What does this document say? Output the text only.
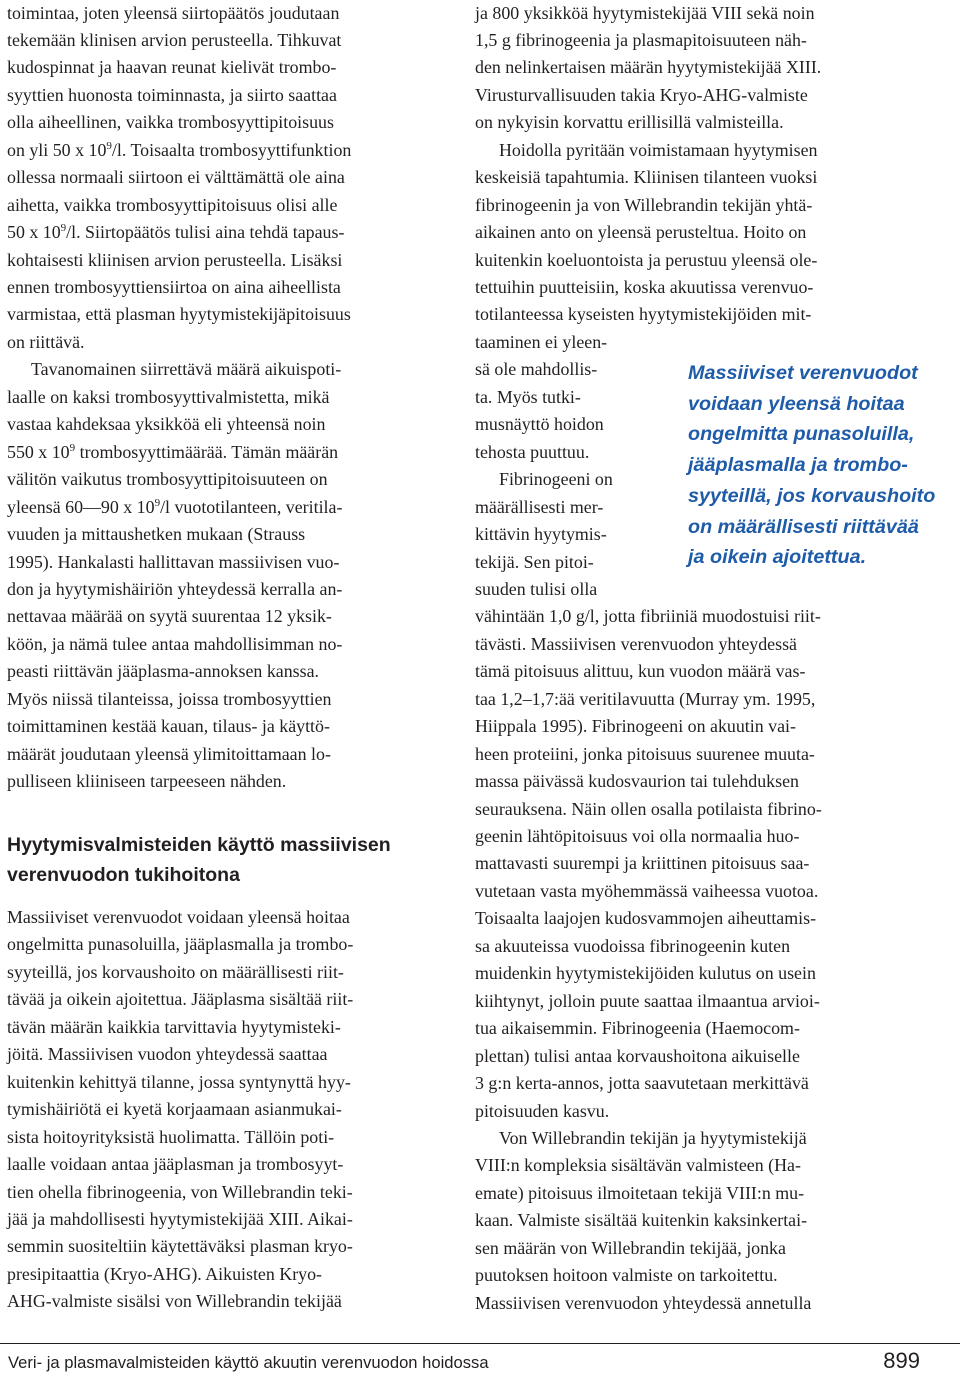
toimintaa, joten yleensä siirtopäätös joudutaan
tekemään klinisen arvion perusteella. Tihkuvat
kudospinnat ja haavan reunat kielivät trombo-
syyttien huonosta toiminnasta, ja siirto saattaa
olla aiheellinen, vaikka trombosyyttipitoisuus
on yli 50 x $10^9/l$. Toisaalta trombosyyttifunktion
ollessa normaali siirtoon ei välttämättä ole aina
aihetta, vaikka trombosyyttipitoisuus olisi alle
50 x $10^9/l$. Siirtopäätös tulisi aina tehdä tapaus-
kohtaisesti kliinisen arvion perusteella. Lisäksi
ennen trombosyyttiensiirtoa on aina aiheellista
varmistaa, että plasman hyytymistekijäpitoisuus
on riittävä.
Tavanomainen siirrettävä määrä aikuispoti-
laalle on kaksi trombosyyttivalmistetta, mikä
vastaa kahdeksaa yksikköä eli yhteensä noin
550 x $10^9$ trombosyyttimäärää. Tämän määrän
välitön vaikutus trombosyyttipitoisuuteen on
yleensä 60—90 x $10^9/l$ vuototilanteen, veritila-
vuuden ja mittaushetken mukaan (Strauss
1995). Hankalasti hallittavan massiivisen vuo-
don ja hyytymishäiriön yhteydessä kerralla an-
nettavaa määrää on syytä suurentaa 12 yksik-
köön, ja nämä tulee antaa mahdollisimman no-
peasti riittävän jääplasma-annoksen kanssa.
Myös niissä tilanteissa, joissa trombosyyttien
toimittaminen kestää kauan, tilaus- ja käyttö-
määrät joudutaan yleensä ylimitoittamaan lo-
pulliseen kliiniseen tarpeeseen nähden.
Hyytymisvalmisteiden käyttö massiivisen
verenvuodon tukihoitona
Massiiviset verenvuodot voidaan yleensä hoitaa
ongelmitta punasoluilla, jääplasmalla ja trombo-
syyteillä, jos korvaushoito on määrällisesti riit-
tävää ja oikein ajoitettua. Jääplasma sisältää riit-
tävän määrän kaikkia tarvittavia hyytymisteki-
jöitä. Massiivisen vuodon yhteydessä saattaa
kuitenkin kehittyä tilanne, jossa syntynyttä hyy-
tymishäiriötä ei kyetä korjaamaan asianmukai-
sista hoitoyrityksistä huolimatta. Tällöin poti-
laalle voidaan antaa jääplasman ja trombosyyt-
tien ohella fibrinogeenia, von Willebrandin teki-
jää ja mahdollisesti hyytymistekijää XIII. Aikai-
semmin suositeltiin käytettäväksi plasman kryo-
presipitaattia (Kryo-AHG). Aikuisten Kryo-
AHG-valmiste sisälsi von Willebrandin tekijää
ja 800 yksikköä hyytymistekijää VIII sekä noin
1,5 g fibrinogeenia ja plasmapitoisuuteen näh-
den nelinkertaisen määrän hyytymistekijää XIII.
Virusturvallisuuden takia Kryo-AHG-valmiste
on nykyisin korvattu erillisillä valmisteilla.
Hoidolla pyritään voimistamaan hyytymisen
keskeisiä tapahtumia. Kliinisen tilanteen vuoksi
fibrinogeenin ja von Willebrandin tekijän yhtä-
aikainen anto on yleensä perusteltua. Hoito on
kuitenkin koeluontoista ja perustuu yleensä ole-
tettuihin puutteisiin, koska akuutissa verenvuo-
totilanteessa kyseisten hyytymistekijöiden mit-
taaminen ei yleen-
sä ole mahdollis-
ta. Myös tutki-
musnäyttö hoidon
tehosta puuttuu.
Fibrinogeeni on
määrällisesti mer-
kittävin hyytymis-
tekijä. Sen pitoi-
suuden tulisi olla
vähintään 1,0 g/l, jotta fibriiniä muodostuisi riit-
tävästi. Massiivisen verenvuodon yhteydessä
tämä pitoisuus alittuu, kun vuodon määrä vas-
taa 1,2–1,7:ää veritilavuutta (Murray ym. 1995,
Hiippala 1995). Fibrinogeeni on akuutin vai-
heen proteiini, jonka pitoisuus suurenee muuta-
massa päivässä kudosvaurion tai tulehduksen
seurauksena. Näin ollen osalla potilaista fibrino-
geenin lähtöpitoisuus voi olla normaalia huo-
mattavasti suurempi ja kriittinen pitoisuus saa-
vutetaan vasta myöhemmässä vaiheessa vuotoa.
Toisaalta laajojen kudosvammojen aiheuttamis-
sa akuuteissa vuodoissa fibrinogeenin kuten
muidenkin hyytymistekijöiden kulutus on usein
kiihtynyt, jolloin puute saattaa ilmaantua arvioi-
tua aikaisemmin. Fibrinogeenia (Haemocom-
plettan) tulisi antaa korvaushoitona aikuiselle
3 g:n kerta-annos, jotta saavutetaan merkittävä
pitoisuuden kasvu.
Von Willebrandin tekijän ja hyytymistekijä
VIII:n kompleksia sisältävän valmisteen (Ha-
emate) pitoisuus ilmoitetaan tekijä VIII:n mu-
kaan. Valmiste sisältää kuitenkin kaksinkertai-
sen määrän von Willebrandin tekijää, jonka
puutoksen hoitoon valmiste on tarkoitettu.
Massiivisen verenvuodon yhteydessä annetulla
Massiiviset verenvuodot
voidaan yleensä hoitaa
ongelmitta punasoluilla,
jääplasmalla ja trombo-
syyteillä, jos korvaushoito
on määrällisesti riittävää
ja oikein ajoitettua.
Veri- ja plasmavalmisteiden käyttö akuutin verenvuodon hoidossa	899
